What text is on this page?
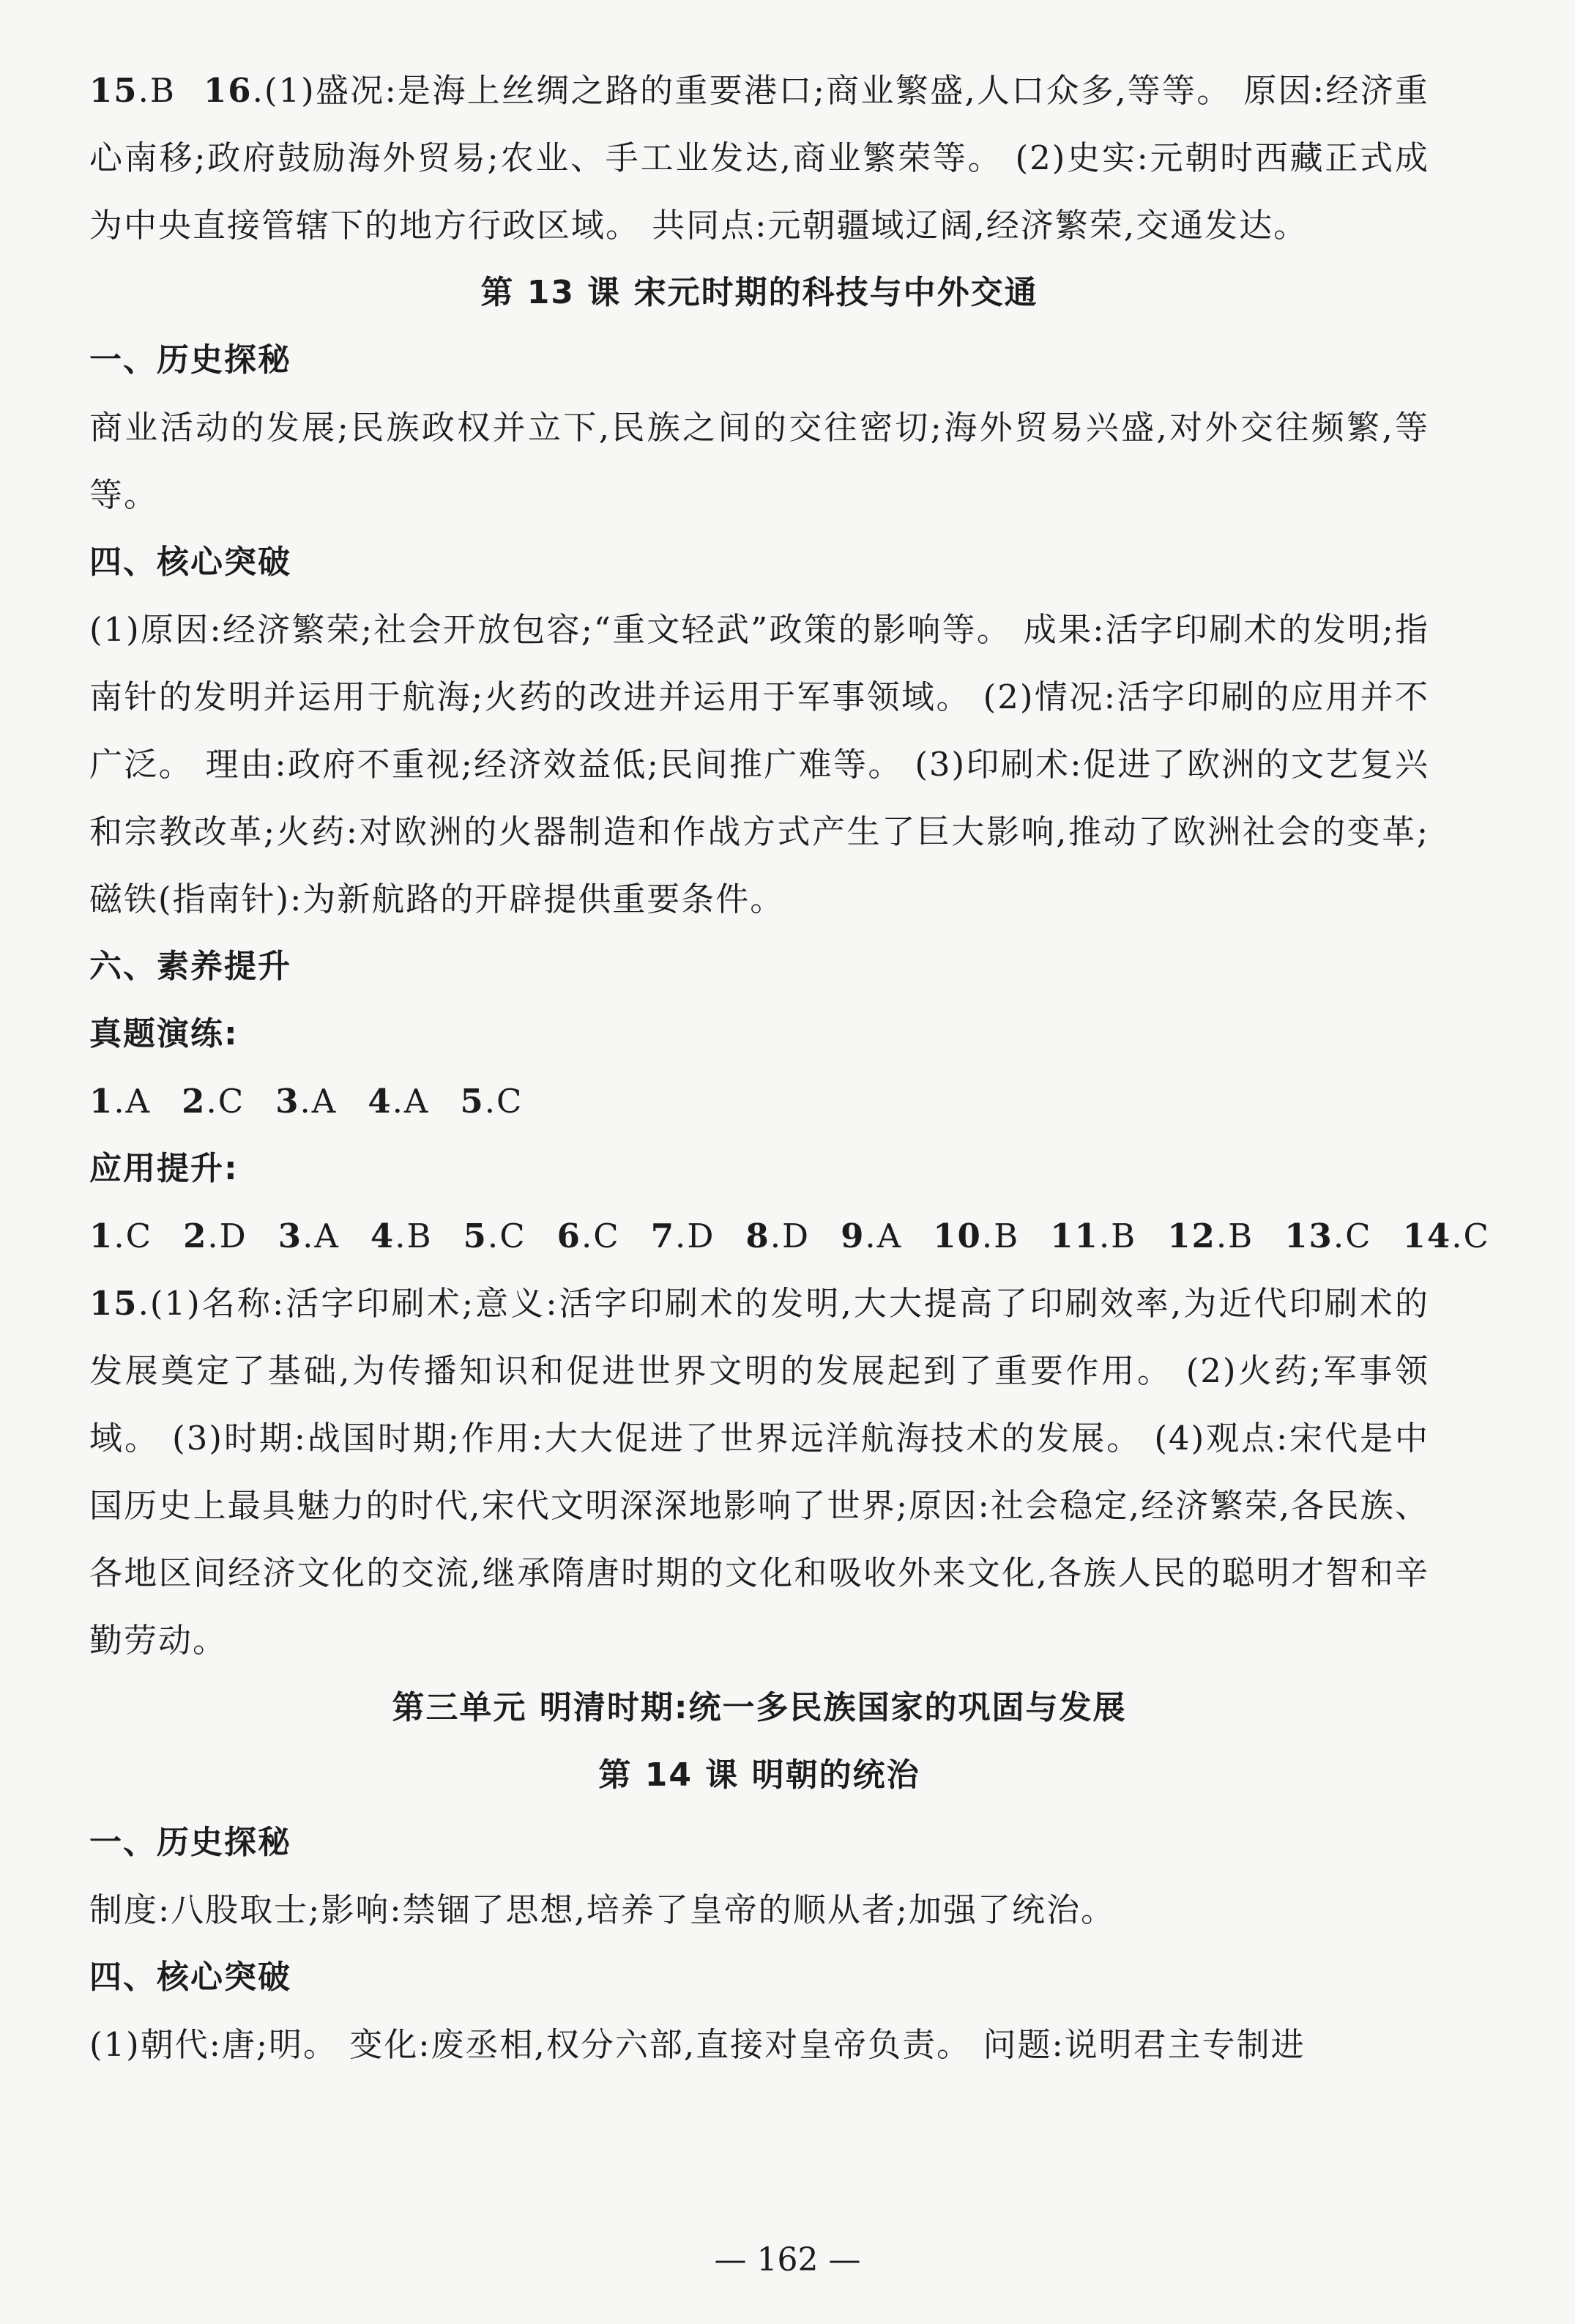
15.B 16.(1)盛况:是海上丝绸之路的重要港口;商业繁盛,人口众多,等等。 原因:经济重心南移;政府鼓励海外贸易;农业、手工业发达,商业繁荣等。 (2)史实:元朝时西藏正式成为中央直接管辖下的地方行政区域。 共同点:元朝疆域辽阔,经济繁荣,交通发达。

第 13 课 宋元时期的科技与中外交通

一、历史探秘

商业活动的发展;民族政权并立下,民族之间的交往密切;海外贸易兴盛,对外交往频繁,等等。

四、核心突破

(1)原因:经济繁荣;社会开放包容;“重文轻武”政策的影响等。 成果:活字印刷术的发明;指南针的发明并运用于航海;火药的改进并运用于军事领域。 (2)情况:活字印刷的应用并不广泛。 理由:政府不重视;经济效益低;民间推广难等。 (3)印刷术:促进了欧洲的文艺复兴和宗教改革;火药:对欧洲的火器制造和作战方式产生了巨大影响,推动了欧洲社会的变革;磁铁(指南针):为新航路的开辟提供重要条件。

六、素养提升

真题演练:

1.A 2.C 3.A 4.A 5.C

应用提升:

1.C 2.D 3.A 4.B 5.C 6.C 7.D 8.D 9.A 10.B 11.B 12.B 13.C 14.C

15.(1)名称:活字印刷术;意义:活字印刷术的发明,大大提高了印刷效率,为近代印刷术的发展奠定了基础,为传播知识和促进世界文明的发展起到了重要作用。 (2)火药;军事领域。 (3)时期:战国时期;作用:大大促进了世界远洋航海技术的发展。 (4)观点:宋代是中国历史上最具魅力的时代,宋代文明深深地影响了世界;原因:社会稳定,经济繁荣,各民族、各地区间经济文化的交流,继承隋唐时期的文化和吸收外来文化,各族人民的聪明才智和辛勤劳动。

第三单元 明清时期:统一多民族国家的巩固与发展

第 14 课 明朝的统治

一、历史探秘

制度:八股取士;影响:禁锢了思想,培养了皇帝的顺从者;加强了统治。

四、核心突破

(1)朝代:唐;明。 变化:废丞相,权分六部,直接对皇帝负责。 问题:说明君主专制进

— 162 —
